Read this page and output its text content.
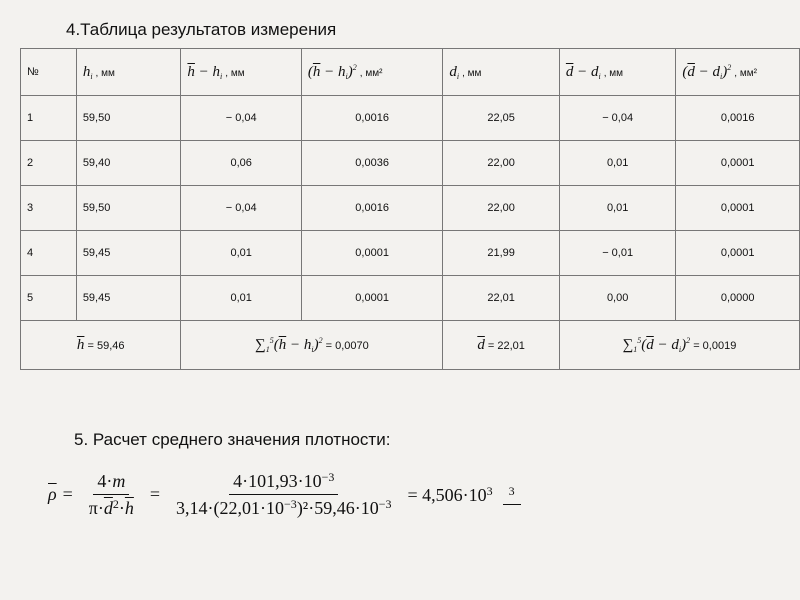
4.Таблица результатов измерения
№	$h_i$ , мм	$\overline{h} - h_i$ , мм	$(\overline{h} - h_i)^2$, мм²	$d_i$ , мм	$\overline{d} - d_i$ , мм	$(\overline{d} - d_i)^2$, мм²
1	59,50	− 0,04	0,0016	22,05	− 0,04	0,0016
2	59,40	0,06	0,0036	22,00	0,01	0,0001
3	59,50	− 0,04	0,0016	22,00	0,01	0,0001
4	59,45	0,01	0,0001	21,99	− 0,01	0,0001
5	59,45	0,01	0,0001	22,01	0,00	0,0000
$\overline{h} = 59,46$		$\sum_1^5(\overline{h} - h_i)^2 = 0,0070$		$\overline{d} = 22,01$	$\sum_1^5(\overline{d} - d_i)^2 = 0,0019$	
5. Расчет среднего значения плотности:
$\overline{\rho} = \frac{4\cdot m}{\pi\cdot\overline{d}^2\cdot\overline{h}} = \frac{4\cdot 101,93\cdot 10^{-3}}{3,14\cdot(22,01\cdot 10^{-3})^2\cdot 59,46\cdot 10^{-3}} = 4,506\cdot 10^3$	3
